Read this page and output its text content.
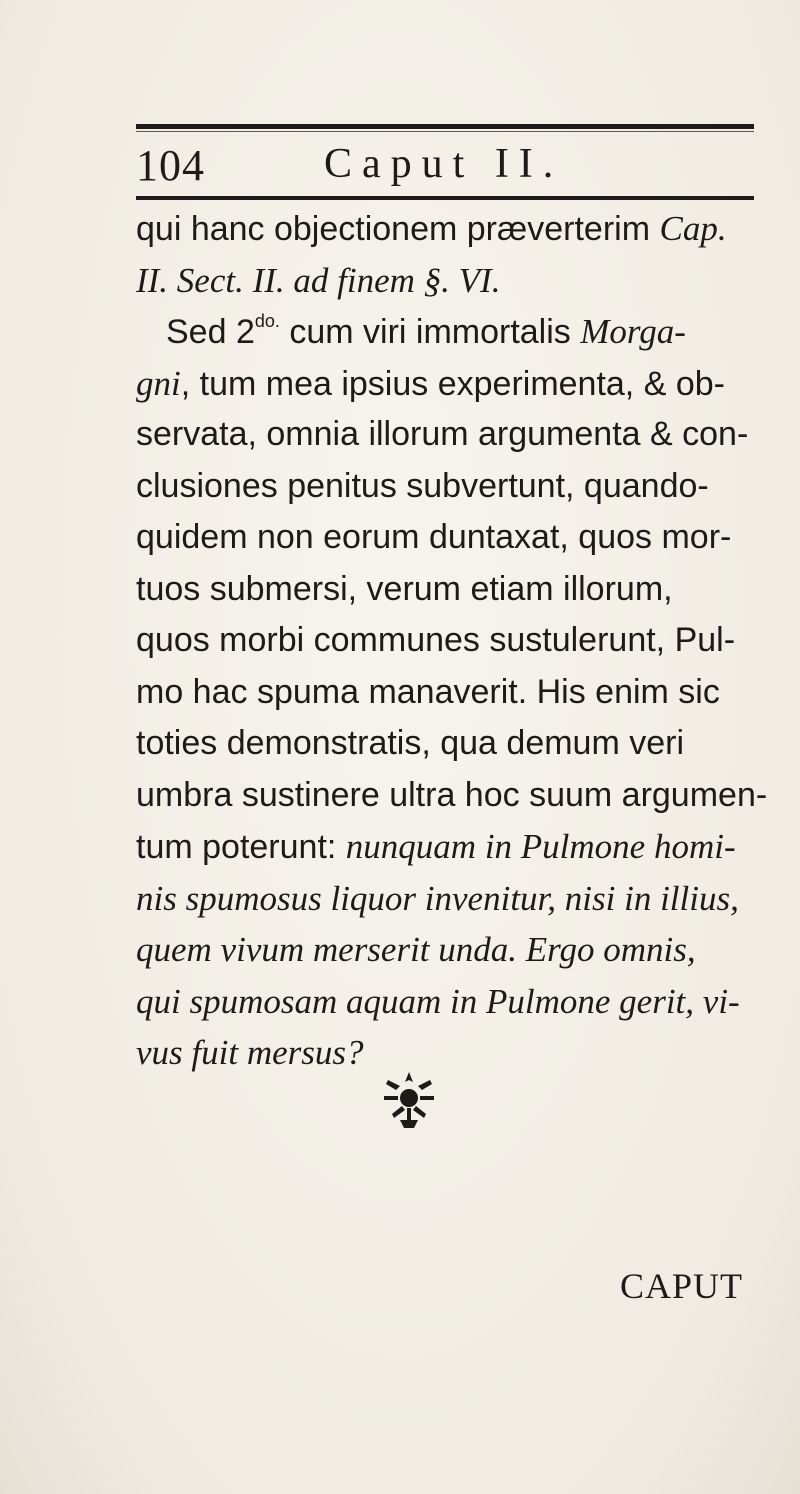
104	Caput II.
qui hanc objectionem præverterim Cap.
II. Sect. II. ad finem §. VI.
Sed $2^{do.}$ cum viri immortalis Morga-
gni, tum mea ipsius experimenta, & ob-
servata, omnia illorum argumenta & con-
clusiones penitus subvertunt, quando-
quidem non eorum duntaxat, quos mor-
tuos submersi, verum etiam illorum,
quos morbi communes sustulerunt, Pul-
mo hac spuma manaverit. His enim sic
toties demonstratis, qua demum veri
umbra sustinere ultra hoc suum argumen-
tum poterunt: nunquam in Pulmone homi-
nis spumosus liquor invenitur, nisi in illius,
quem vivum merserit unda. Ergo omnis,
qui spumosam aquam in Pulmone gerit, vi-
vus fuit mersus?
CAPUT
